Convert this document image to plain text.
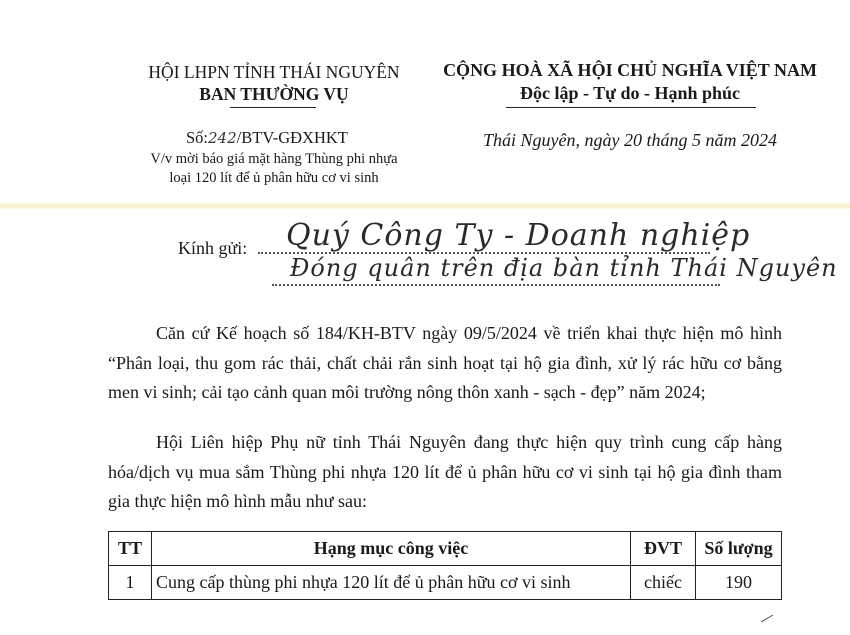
HỘI LHPN TỈNH THÁI NGUYÊN
BAN THƯỜNG VỤ
CỘNG HOÀ XÃ HỘI CHỦ NGHĨA VIỆT NAM
Độc lập - Tự do - Hạnh phúc
Số:242/BTV-GĐXHKT
V/v mời báo giá mặt hàng Thùng phi nhựa
loại 120 lít để ủ phân hữu cơ vi sinh
Thái Nguyên, ngày 20 tháng 5 năm 2024
Kính gửi: Quý Công Ty - Doanh nghiệp
Đóng quân trên địa bàn tỉnh Thái Nguyên
Căn cứ Kế hoạch số 184/KH-BTV ngày 09/5/2024 về triển khai thực hiện mô hình “Phân loại, thu gom rác thải, chất chải rắn sinh hoạt tại hộ gia đình, xử lý rác hữu cơ bằng men vi sinh; cải tạo cảnh quan môi trường nông thôn xanh - sạch - đẹp” năm 2024;
Hội Liên hiệp Phụ nữ tỉnh Thái Nguyên đang thực hiện quy trình cung cấp hàng hóa/dịch vụ mua sắm Thùng phi nhựa 120 lít để ủ phân hữu cơ vi sinh tại hộ gia đình tham gia thực hiện mô hình mẫu như sau:
TT	Hạng mục công việc	ĐVT	Số lượng
1	Cung cấp thùng phi nhựa 120 lít để ủ phân hữu cơ vi sinh	chiếc	190
